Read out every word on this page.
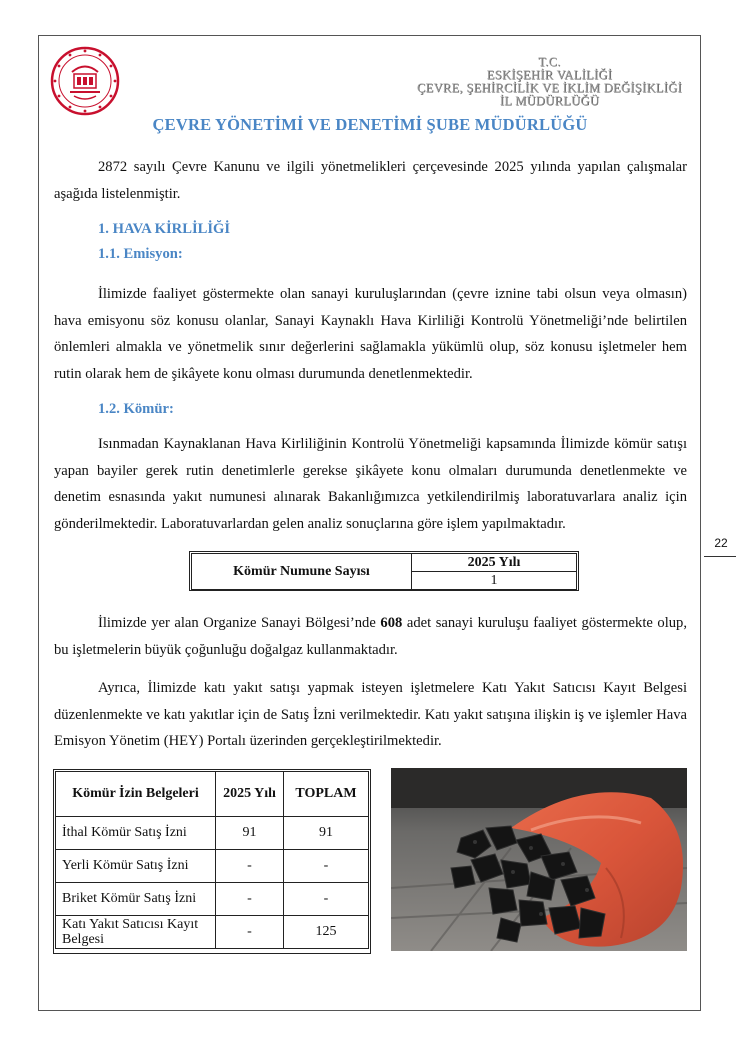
T.C.
ESKİŞEHİR VALİLİĞİ
ÇEVRE, ŞEHİRCİLİK VE İKLİM DEĞİŞİKLİĞİ
İL MÜDÜRLÜĞÜ
ÇEVRE YÖNETİMİ VE DENETİMİ ŞUBE MÜDÜRLÜĞÜ
2872 sayılı Çevre Kanunu ve ilgili yönetmelikleri çerçevesinde 2025 yılında yapılan çalışmalar aşağıda listelenmiştir.
1. HAVA KİRLİLİĞİ
1.1. Emisyon:
İlimizde faaliyet göstermekte olan sanayi kuruluşlarından (çevre iznine tabi olsun veya olmasın) hava emisyonu söz konusu olanlar, Sanayi Kaynaklı Hava Kirliliği Kontrolü Yönetmeliği’nde belirtilen önlemleri almakla ve yönetmelik sınır değerlerini sağlamakla yükümlü olup, söz konusu işletmeler hem rutin olarak hem de şikâyete konu olması durumunda denetlenmektedir.
1.2. Kömür:
Isınmadan Kaynaklanan Hava Kirliliğinin Kontrolü Yönetmeliği kapsamında İlimizde kömür satışı yapan bayiler gerek rutin denetimlerle gerekse şikâyete konu olmaları durumunda denetlenmekte ve denetim esnasında yakıt numunesi alınarak Bakanlığımızca yetkilendirilmiş laboratuvarlara analiz için gönderilmektedir. Laboratuvarlardan gelen analiz sonuçlarına göre işlem yapılmaktadır.
22
Kömür Numune Sayısı	2025 Yılı
1
İlimizde yer alan Organize Sanayi Bölgesi’nde 608 adet sanayi kuruluşu faaliyet göstermekte olup, bu işletmelerin büyük çoğunluğu doğalgaz kullanmaktadır.
Ayrıca, İlimizde katı yakıt satışı yapmak isteyen işletmelere Katı Yakıt Satıcısı Kayıt Belgesi düzenlenmekte ve katı yakıtlar için de Satış İzni verilmektedir. Katı yakıt satışına ilişkin iş ve işlemler Hava Emisyon Yönetim (HEY) Portalı üzerinden gerçekleştirilmektedir.
Kömür İzin Belgeleri	2025 Yılı	TOPLAM
İthal Kömür Satış İzni	91	91
Yerli Kömür Satış İzni	-	-
Briket Kömür Satış İzni	-	-
Katı Yakıt Satıcısı Kayıt Belgesi	-	125
